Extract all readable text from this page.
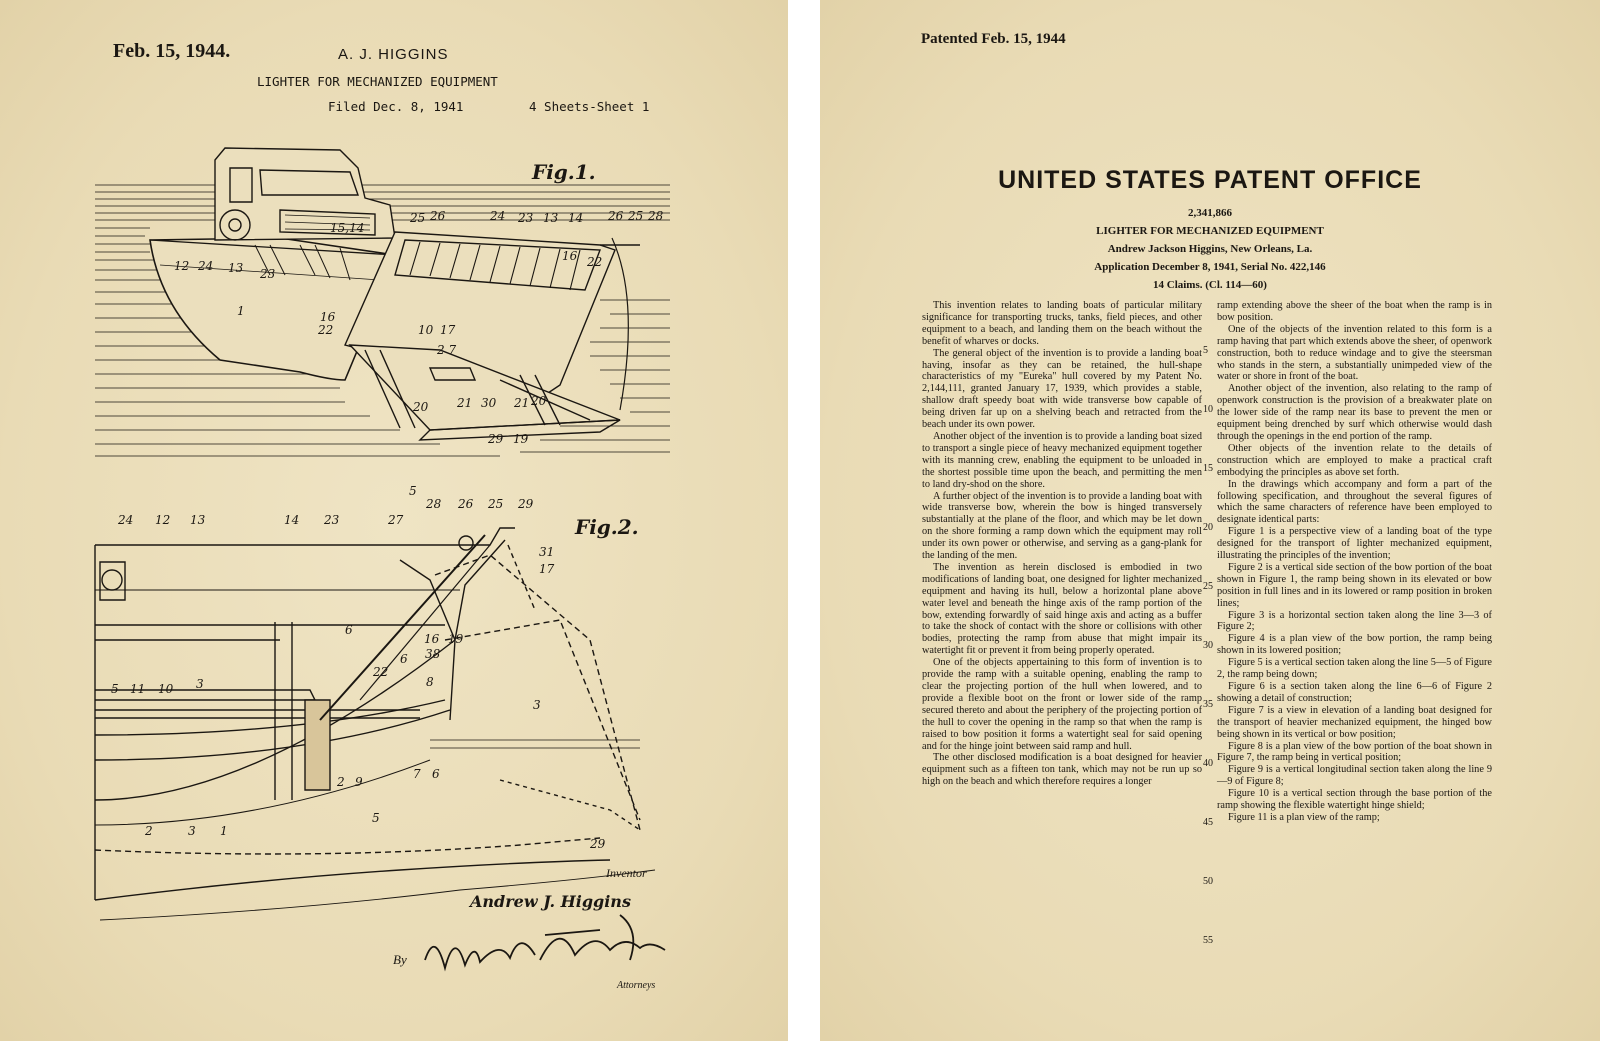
Feb. 15, 1944.	A. J. HIGGINS
LIGHTER FOR MECHANIZED EQUIPMENT
Filed Dec. 8, 1941	4 Sheets-Sheet 1
12 24 13 23
1
15,14
25 26	24 23 13 14 26 25 28
16 22
16
22	10 17
2 7
20 21 30 21 20
29 19
24 12 13	14 23	27
5
28 26 25 29
31
17
6
16 19
6 38
22
8
5 11 10 3
3
2 9
7 6
2	3 1
5
29
Fig.1.
Fig.2.
Inventor
Andrew J. Higgins
By
Attorneys
Patented Feb. 15, 1944
UNITED STATES PATENT OFFICE
2,341,866
LIGHTER FOR MECHANIZED EQUIPMENT
Andrew Jackson Higgins, New Orleans, La.
Application December 8, 1941, Serial No. 422,146
14 Claims. (Cl. 114—60)

This invention relates to landing boats of particular military significance for transporting trucks, tanks, field pieces, and other equipment to a beach, and landing them on the beach without the benefit of wharves or docks.

The general object of the invention is to provide a landing boat having, insofar as they can be retained, the hull-shape characteristics of my "Eureka" hull covered by my Patent No. 2,144,111, granted January 17, 1939, which provides a stable, shallow draft speedy boat with wide transverse bow capable of being driven far up on a shelving beach and retracted from the beach under its own power.

Another object of the invention is to provide a landing boat sized to transport a single piece of heavy mechanized equipment together with its manning crew, enabling the equipment to be unloaded in the shortest possible time upon the beach, and permitting the men to land dry-shod on the shore.

A further object of the invention is to provide a landing boat with wide transverse bow, wherein the bow is hinged transversely substantially at the plane of the floor, and which may be let down on the shore forming a ramp down which the equipment may roll under its own power or otherwise, and serving as a gang-plank for the landing of the men.

The invention as herein disclosed is embodied in two modifications of landing boat, one designed for lighter mechanized equipment and having its hull, below a horizontal plane above water level and beneath the hinge axis of the ramp portion of the bow, extending forwardly of said hinge axis and acting as a buffer to take the shock of contact with the shore or collisions with other bodies, protecting the ramp from abuse that might impair its watertight fit or prevent it from being properly operated.

One of the objects appertaining to this form of invention is to provide the ramp with a suitable opening, enabling the ramp to clear the projecting portion of the hull when lowered, and to provide a flexible boot on the front or lower side of the ramp secured thereto and about the periphery of the projecting portion of the hull to cover the opening in the ramp so that when the ramp is raised to bow position it forms a watertight seal for said opening and for the hinge joint between said ramp and hull.

The other disclosed modification is a boat designed for heavier equipment such as a fifteen ton tank, which may not be run up so high on the beach and which therefore requires a longer

5
10
15
20
25
30
35
40
45
50
55

ramp extending above the sheer of the boat when the ramp is in bow position.

One of the objects of the invention related to this form is a ramp having that part which extends above the sheer, of openwork construction, both to reduce windage and to give the steersman who stands in the stern, a substantially unimpeded view of the water or shore in front of the boat.

Another object of the invention, also relating to the ramp of openwork construction is the provision of a breakwater plate on the lower side of the ramp near its base to prevent the men or equipment being drenched by surf which otherwise would dash through the openings in the end portion of the ramp.

Other objects of the invention relate to the details of construction which are employed to make a practical craft embodying the principles as above set forth.

In the drawings which accompany and form a part of the following specification, and throughout the several figures of which the same characters of reference have been employed to designate identical parts:

Figure 1 is a perspective view of a landing boat of the type designed for the transport of lighter mechanized equipment, illustrating the principles of the invention;

Figure 2 is a vertical side section of the bow portion of the boat shown in Figure 1, the ramp being shown in its elevated or bow position in full lines and in its lowered or ramp position in broken lines;

Figure 3 is a horizontal section taken along the line 3—3 of Figure 2;

Figure 4 is a plan view of the bow portion, the ramp being shown in its lowered position;

Figure 5 is a vertical section taken along the line 5—5 of Figure 2, the ramp being down;

Figure 6 is a section taken along the line 6—6 of Figure 2 showing a detail of construction;

Figure 7 is a view in elevation of a landing boat designed for the transport of heavier mechanized equipment, the hinged bow being shown in its vertical or bow position;

Figure 8 is a plan view of the bow portion of the boat shown in Figure 7, the ramp being in vertical position;

Figure 9 is a vertical longitudinal section taken along the line 9—9 of Figure 8;

Figure 10 is a vertical section through the base portion of the ramp showing the flexible watertight hinge shield;

Figure 11 is a plan view of the ramp;
